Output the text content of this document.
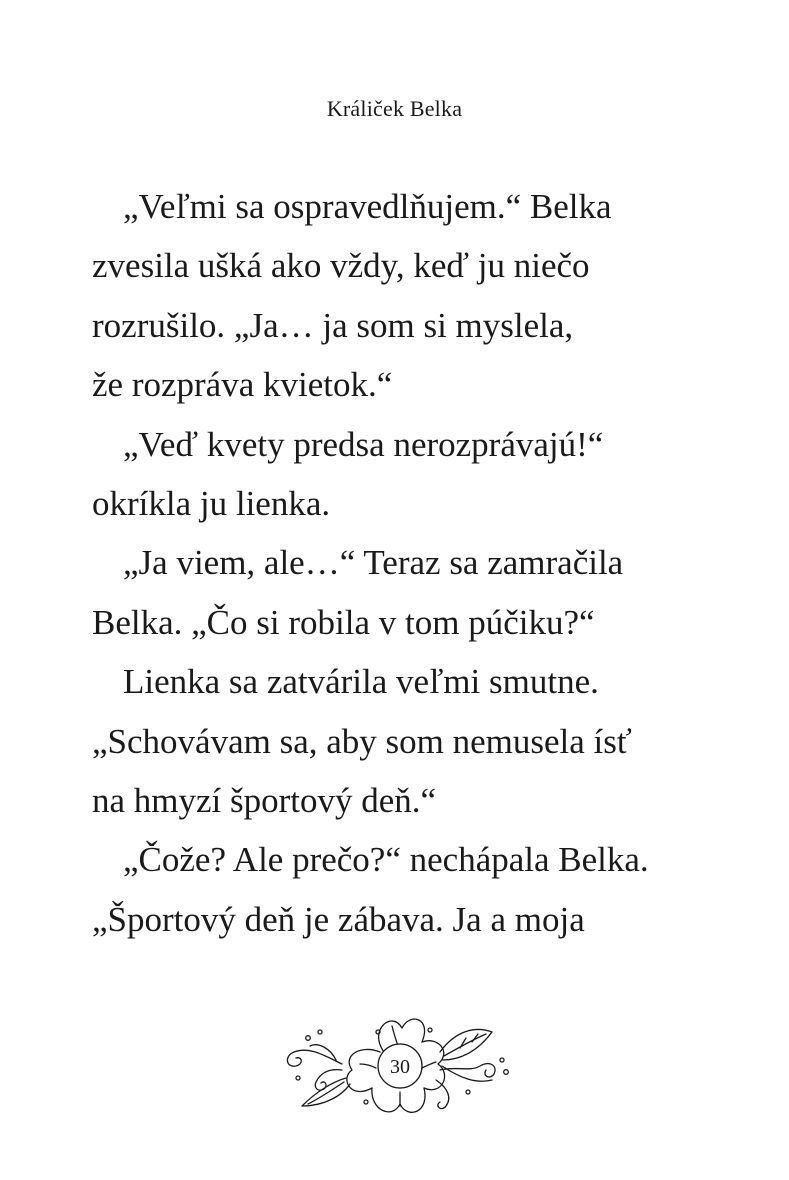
Králiček Belka
„Veľmi sa ospravedlňujem.“ Belka
zvesila ušká ako vždy, keď ju niečo
rozrušilo. „Ja… ja som si myslela,
že rozpráva kvietok.“
„Veď kvety predsa nerozprávajú!“
okríkla ju lienka.
„Ja viem, ale…“ Teraz sa zamračila
Belka. „Čo si robila v tom púčiku?“
Lienka sa zatvárila veľmi smutne.
„Schovávam sa, aby som nemusela ísť
na hmyzí športový deň.“
„Čože? Ale prečo?“ nechápala Belka.
„Športový deň je zábava. Ja a moja
30
